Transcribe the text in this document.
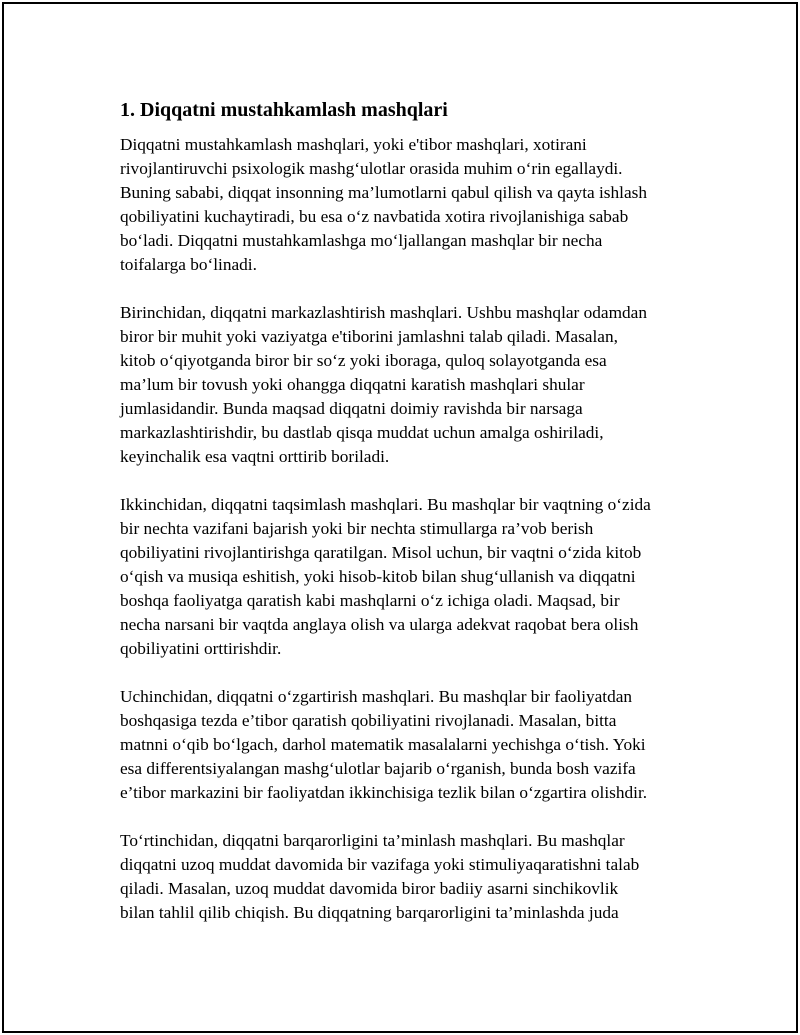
1. Diqqatni mustahkamlash mashqlari
Diqqatni mustahkamlash mashqlari, yoki e'tibor mashqlari, xotirani
rivojlantiruvchi psixologik mashg‘ulotlar orasida muhim o‘rin egallaydi.
Buning sababi, diqqat insonning ma’lumotlarni qabul qilish va qayta ishlash
qobiliyatini kuchaytiradi, bu esa o‘z navbatida xotira rivojlanishiga sabab
bo‘ladi. Diqqatni mustahkamlashga mo‘ljallangan mashqlar bir necha
toifalarga bo‘linadi.
Birinchidan, diqqatni markazlashtirish mashqlari. Ushbu mashqlar odamdan
biror bir muhit yoki vaziyatga e'tiborini jamlashni talab qiladi. Masalan,
kitob o‘qiyotganda biror bir so‘z yoki iboraga, quloq solayotganda esa
ma’lum bir tovush yoki ohangga diqqatni karatish mashqlari shular
jumlasidandir. Bunda maqsad diqqatni doimiy ravishda bir narsaga
markazlashtirishdir, bu dastlab qisqa muddat uchun amalga oshiriladi,
keyinchalik esa vaqtni orttirib boriladi.
Ikkinchidan, diqqatni taqsimlash mashqlari. Bu mashqlar bir vaqtning o‘zida
bir nechta vazifani bajarish yoki bir nechta stimullarga ra’vob berish
qobiliyatini rivojlantirishga qaratilgan. Misol uchun, bir vaqtni o‘zida kitob
o‘qish va musiqa eshitish, yoki hisob-kitob bilan shug‘ullanish va diqqatni
boshqa faoliyatga qaratish kabi mashqlarni o‘z ichiga oladi. Maqsad, bir
necha narsani bir vaqtda anglaya olish va ularga adekvat raqobat bera olish
qobiliyatini orttirishdir.
Uchinchidan, diqqatni o‘zgartirish mashqlari. Bu mashqlar bir faoliyatdan
boshqasiga tezda e’tibor qaratish qobiliyatini rivojlanadi. Masalan, bitta
matnni o‘qib bo‘lgach, darhol matematik masalalarni yechishga o‘tish. Yoki
esa differentsiyalangan mashg‘ulotlar bajarib o‘rganish, bunda bosh vazifa
e’tibor markazini bir faoliyatdan ikkinchisiga tezlik bilan o‘zgartira olishdir.
To‘rtinchidan, diqqatni barqarorligini ta’minlash mashqlari. Bu mashqlar
diqqatni uzoq muddat davomida bir vazifaga yoki stimuliyaqaratishni talab
qiladi. Masalan, uzoq muddat davomida biror badiiy asarni sinchikovlik
bilan tahlil qilib chiqish. Bu diqqatning barqarorligini ta’minlashda juda
